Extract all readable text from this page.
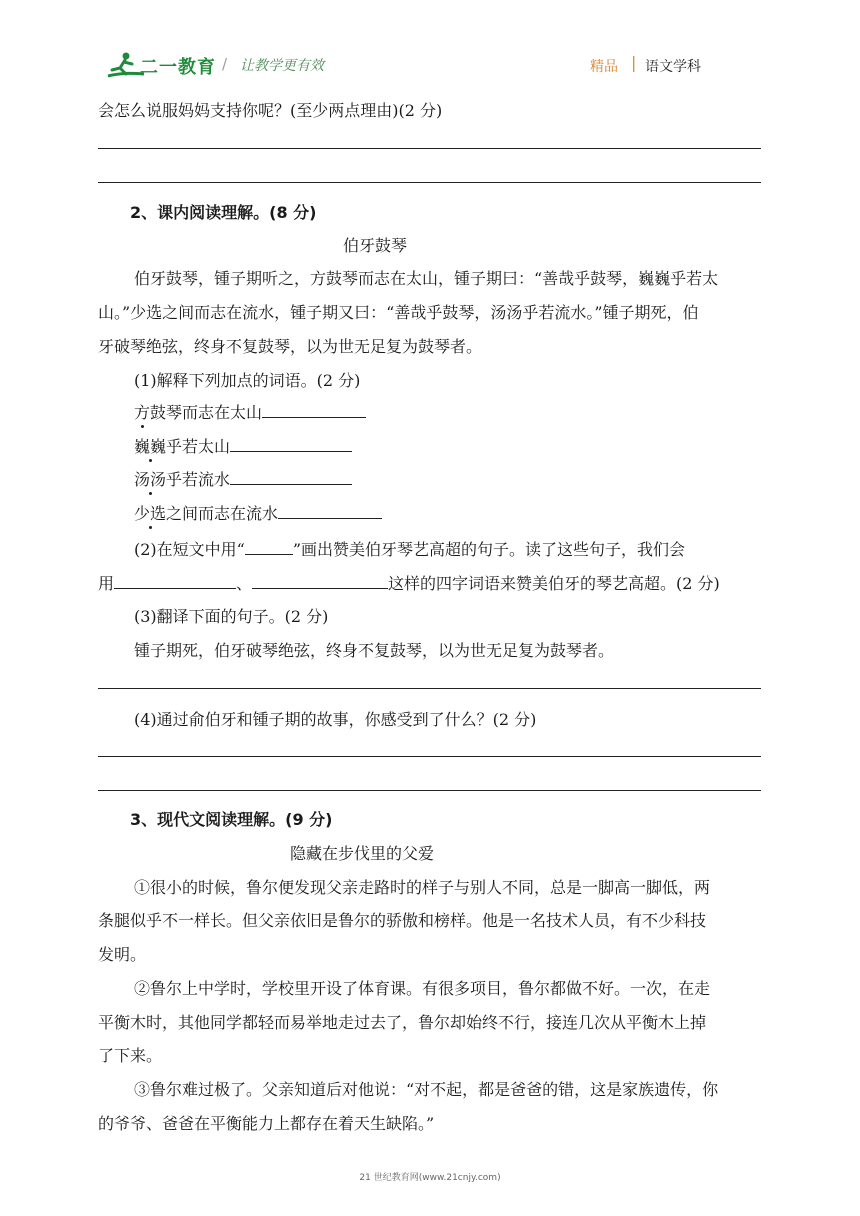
二一教育 / 让教学更有效	精品 | 语文学科
会怎么说服妈妈支持你呢？(至少两点理由)(2 分)
2、课内阅读理解。(8 分)
伯牙鼓琴
伯牙鼓琴，锺子期听之，方鼓琴而志在太山，锺子期曰：“善哉乎鼓琴，巍巍乎若太
山。”少选之间而志在流水，锺子期又曰：“善哉乎鼓琴，汤汤乎若流水。”锺子期死，伯
牙破琴绝弦，终身不复鼓琴，以为世无足复为鼓琴者。
(1)解释下列加点的词语。(2 分)
方鼓琴而志在太山
巍巍乎若太山
汤汤乎若流水
少选之间而志在流水
(2)在短文中用“	”画出赞美伯牙琴艺高超的句子。读了这些句子，我们会
用	、	这样的四字词语来赞美伯牙的琴艺高超。(2 分)
(3)翻译下面的句子。(2 分)
锺子期死，伯牙破琴绝弦，终身不复鼓琴，以为世无足复为鼓琴者。
(4)通过俞伯牙和锺子期的故事，你感受到了什么？(2 分)
3、现代文阅读理解。(9 分)
隐藏在步伐里的父爱
①很小的时候，鲁尔便发现父亲走路时的样子与别人不同，总是一脚高一脚低，两
条腿似乎不一样长。但父亲依旧是鲁尔的骄傲和榜样。他是一名技术人员，有不少科技
发明。
②鲁尔上中学时，学校里开设了体育课。有很多项目，鲁尔都做不好。一次，在走
平衡木时，其他同学都轻而易举地走过去了，鲁尔却始终不行，接连几次从平衡木上掉
了下来。
③鲁尔难过极了。父亲知道后对他说：“对不起，都是爸爸的错，这是家族遗传，你
的爷爷、爸爸在平衡能力上都存在着天生缺陷。”
21 世纪教育网(www.21cnjy.com)
